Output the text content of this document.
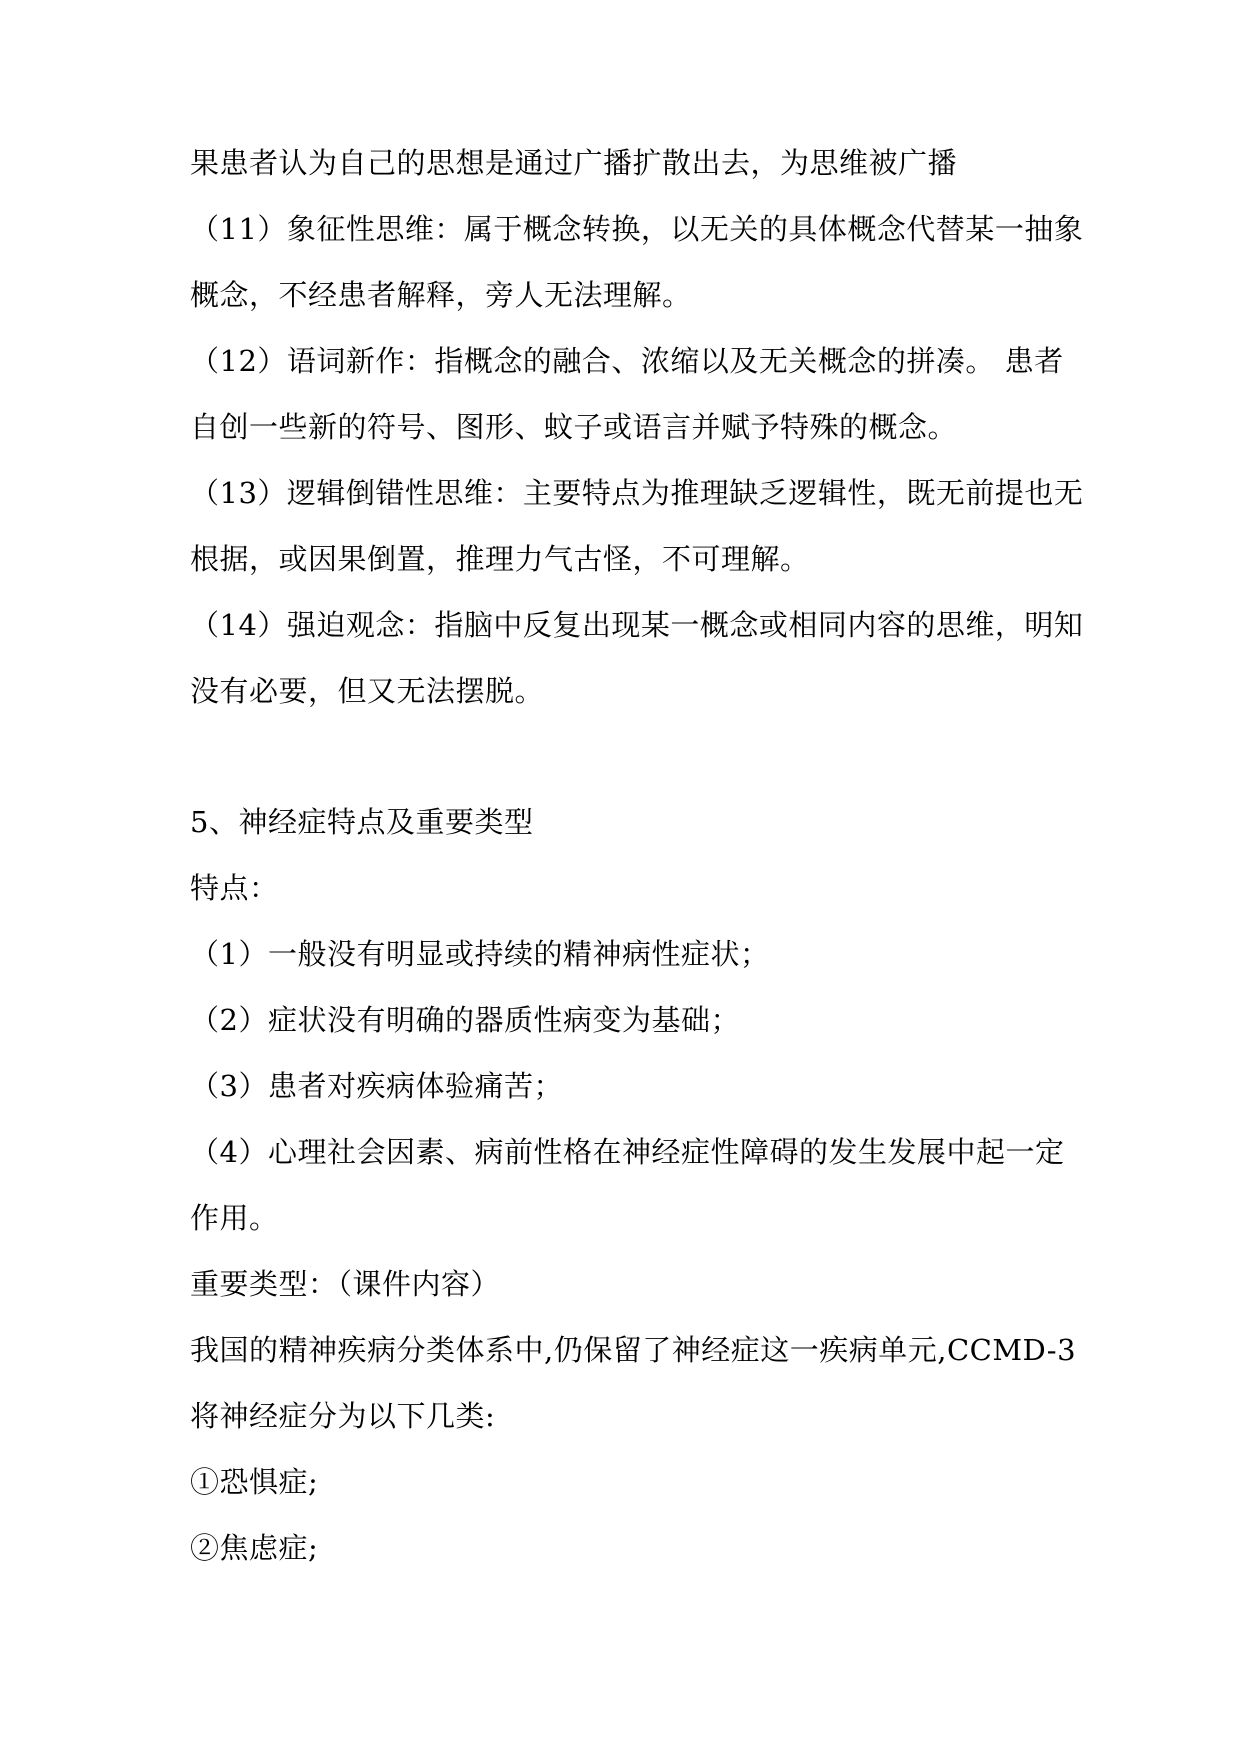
果患者认为自己的思想是通过广播扩散出去，为思维被广播
（11）象征性思维：属于概念转换，以无关的具体概念代替某一抽象
概念，不经患者解释，旁人无法理解。
（12）语词新作：指概念的融合、浓缩以及无关概念的拼凑。 患者
自创一些新的符号、图形、蚊子或语言并赋予特殊的概念。
（13）逻辑倒错性思维：主要特点为推理缺乏逻辑性，既无前提也无
根据，或因果倒置，推理力气古怪，不可理解。
（14）强迫观念：指脑中反复出现某一概念或相同内容的思维，明知
没有必要，但又无法摆脱。
5、神经症特点及重要类型
特点：
（1）一般没有明显或持续的精神病性症状；
（2）症状没有明确的器质性病变为基础；
（3）患者对疾病体验痛苦；
（4）心理社会因素、病前性格在神经症性障碍的发生发展中起一定
作用。
重要类型：（课件内容）
我国的精神疾病分类体系中,仍保留了神经症这一疾病单元,CCMD-3
将神经症分为以下几类:
①恐惧症;
②焦虑症;
